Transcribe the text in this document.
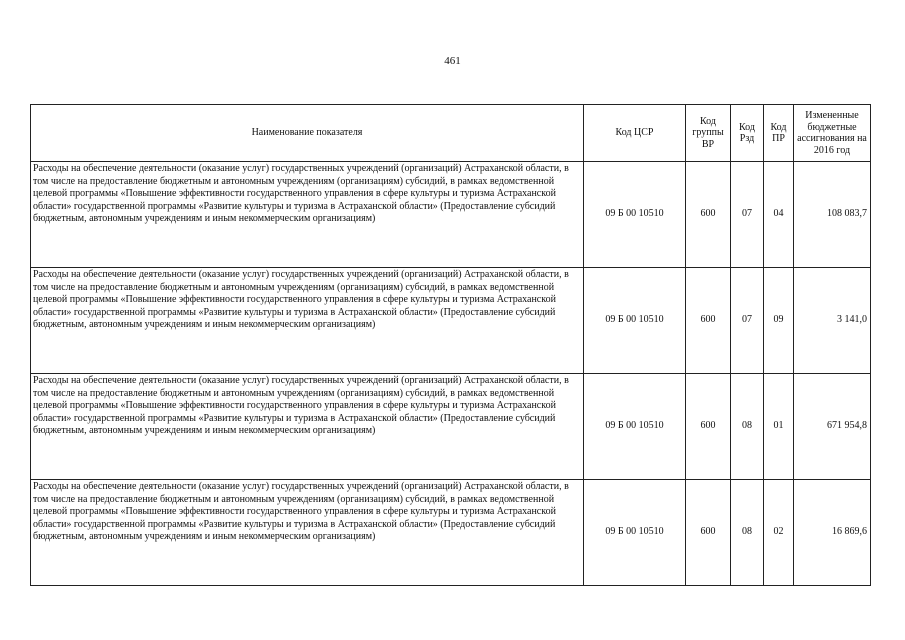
461
Наименование показателя	Код ЦСР	Код группы ВР	Код Рзд	Код ПР	Измененные бюджетные ассигнования на 2016 год
Расходы на обеспечение деятельности (оказание услуг) государственных учреждений (организаций) Астраханской области, в том числе на предоставление бюджетным и автономным учреждениям (организациям) субсидий, в рамках ведомственной целевой программы «Повышение эффективности государственного управления в сфере культуры и туризма Астраханской области» государственной программы «Развитие культуры и туризма в Астраханской области» (Предоставление субсидий бюджетным, автономным учреждениям и иным некоммерческим организациям)	09 Б 00 10510	600	07	04	108 083,7
Расходы на обеспечение деятельности (оказание услуг) государственных учреждений (организаций) Астраханской области, в том числе на предоставление бюджетным и автономным учреждениям (организациям) субсидий, в рамках ведомственной целевой программы «Повышение эффективности государственного управления в сфере культуры и туризма Астраханской области» государственной программы «Развитие культуры и туризма в Астраханской области» (Предоставление субсидий бюджетным, автономным учреждениям и иным некоммерческим организациям)	09 Б 00 10510	600	07	09	3 141,0
Расходы на обеспечение деятельности (оказание услуг) государственных учреждений (организаций) Астраханской области, в том числе на предоставление бюджетным и автономным учреждениям (организациям) субсидий, в рамках ведомственной целевой программы «Повышение эффективности государственного управления в сфере культуры и туризма Астраханской области» государственной программы «Развитие культуры и туризма в Астраханской области» (Предоставление субсидий бюджетным, автономным учреждениям и иным некоммерческим организациям)	09 Б 00 10510	600	08	01	671 954,8
Расходы на обеспечение деятельности (оказание услуг) государственных учреждений (организаций) Астраханской области, в том числе на предоставление бюджетным и автономным учреждениям (организациям) субсидий, в рамках ведомственной целевой программы «Повышение эффективности государственного управления в сфере культуры и туризма Астраханской области» государственной программы «Развитие культуры и туризма в Астраханской области» (Предоставление субсидий бюджетным, автономным учреждениям и иным некоммерческим организациям)	09 Б 00 10510	600	08	02	16 869,6
